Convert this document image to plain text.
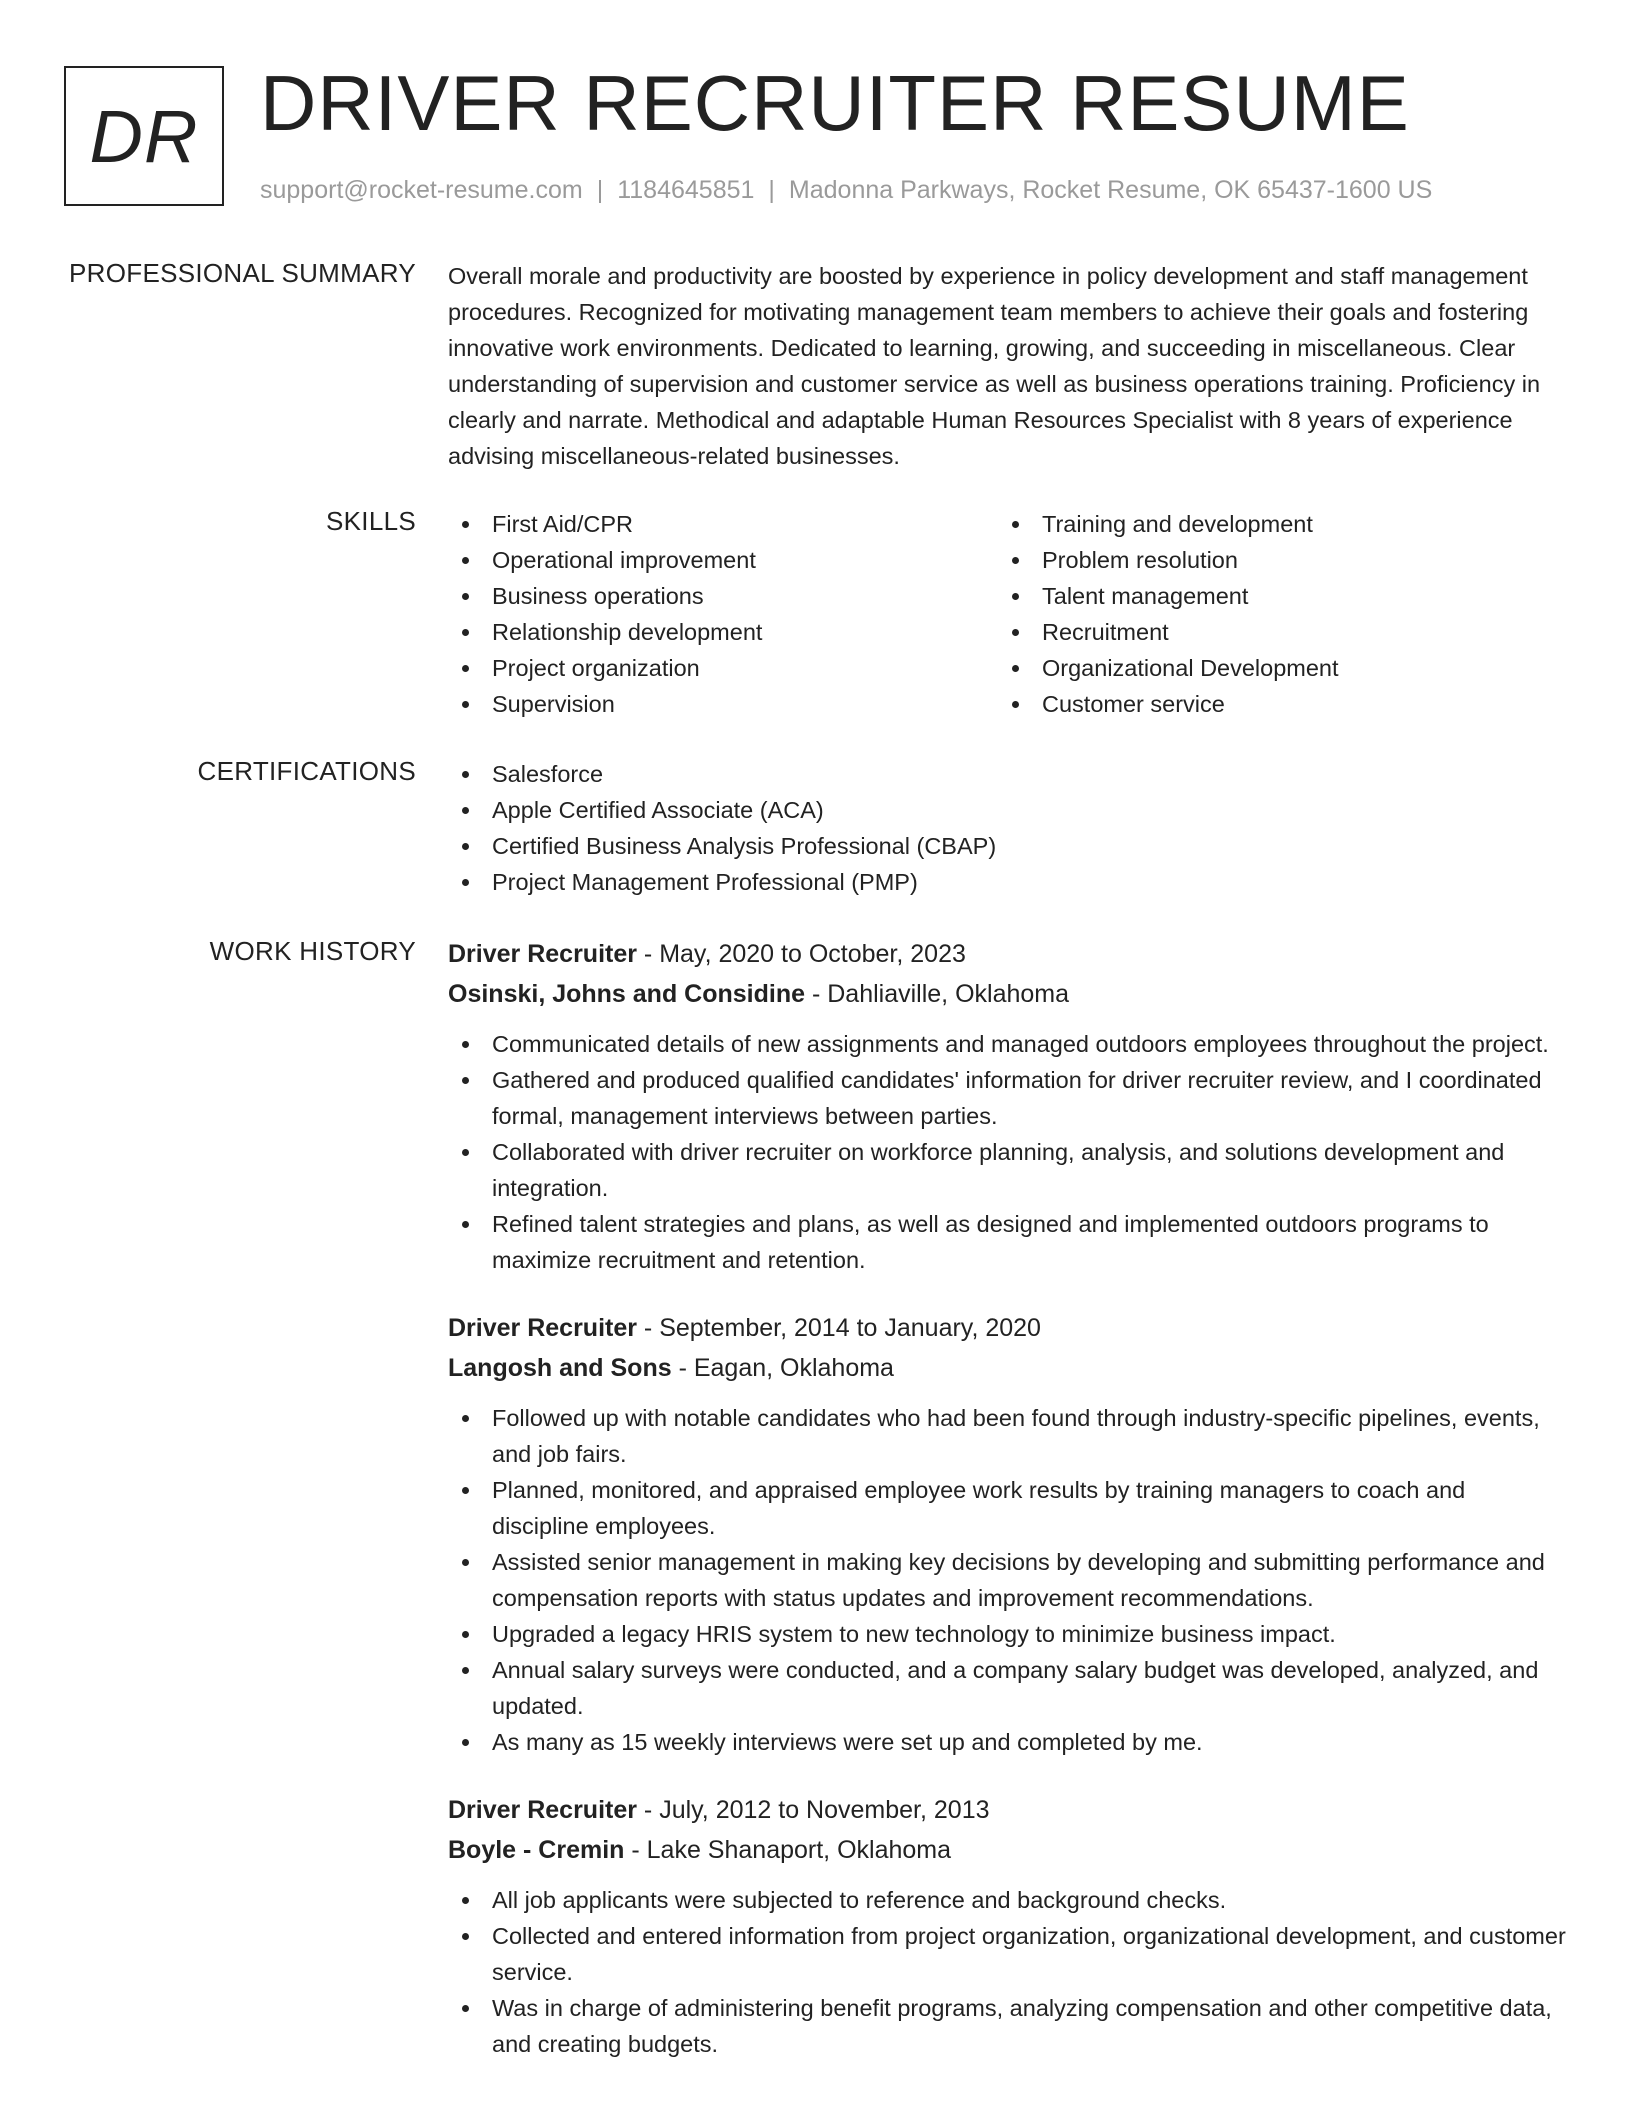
DR DRIVER RECRUITER RESUME
support@rocket-resume.com | 1184645851 | Madonna Parkways, Rocket Resume, OK 65437-1600 US
PROFESSIONAL SUMMARY Overall morale and productivity are boosted by experience in policy development and staff management procedures. Recognized for motivating management team members to achieve their goals and fostering innovative work environments. Dedicated to learning, growing, and succeeding in miscellaneous. Clear understanding of supervision and customer service as well as business operations training. Proficiency in clearly and narrate. Methodical and adaptable Human Resources Specialist with 8 years of experience advising miscellaneous-related businesses.
SKILLS	First Aid/CPR
Operational improvement
Business operations
Relationship development
Project organization
Supervision
Training and development
Problem resolution
Talent management
Recruitment
Organizational Development
Customer service
CERTIFICATIONS	Salesforce
Apple Certified Associate (ACA)
Certified Business Analysis Professional (CBAP)
Project Management Professional (PMP)
WORK HISTORY Driver Recruiter - May, 2020 to October, 2023
Osinski, Johns and Considine - Dahliaville, Oklahoma
Communicated details of new assignments and managed outdoors employees throughout the project.
Gathered and produced qualified candidates' information for driver recruiter review, and I coordinated formal, management interviews between parties.
Collaborated with driver recruiter on workforce planning, analysis, and solutions development and integration.
Refined talent strategies and plans, as well as designed and implemented outdoors programs to maximize recruitment and retention.
Driver Recruiter - September, 2014 to January, 2020
Langosh and Sons - Eagan, Oklahoma
Followed up with notable candidates who had been found through industry-specific pipelines, events, and job fairs.
Planned, monitored, and appraised employee work results by training managers to coach and discipline employees.
Assisted senior management in making key decisions by developing and submitting performance and compensation reports with status updates and improvement recommendations.
Upgraded a legacy HRIS system to new technology to minimize business impact.
Annual salary surveys were conducted, and a company salary budget was developed, analyzed, and updated.
As many as 15 weekly interviews were set up and completed by me.
Driver Recruiter - July, 2012 to November, 2013
Boyle - Cremin - Lake Shanaport, Oklahoma
All job applicants were subjected to reference and background checks.
Collected and entered information from project organization, organizational development, and customer service.
Was in charge of administering benefit programs, analyzing compensation and other competitive data, and creating budgets.
